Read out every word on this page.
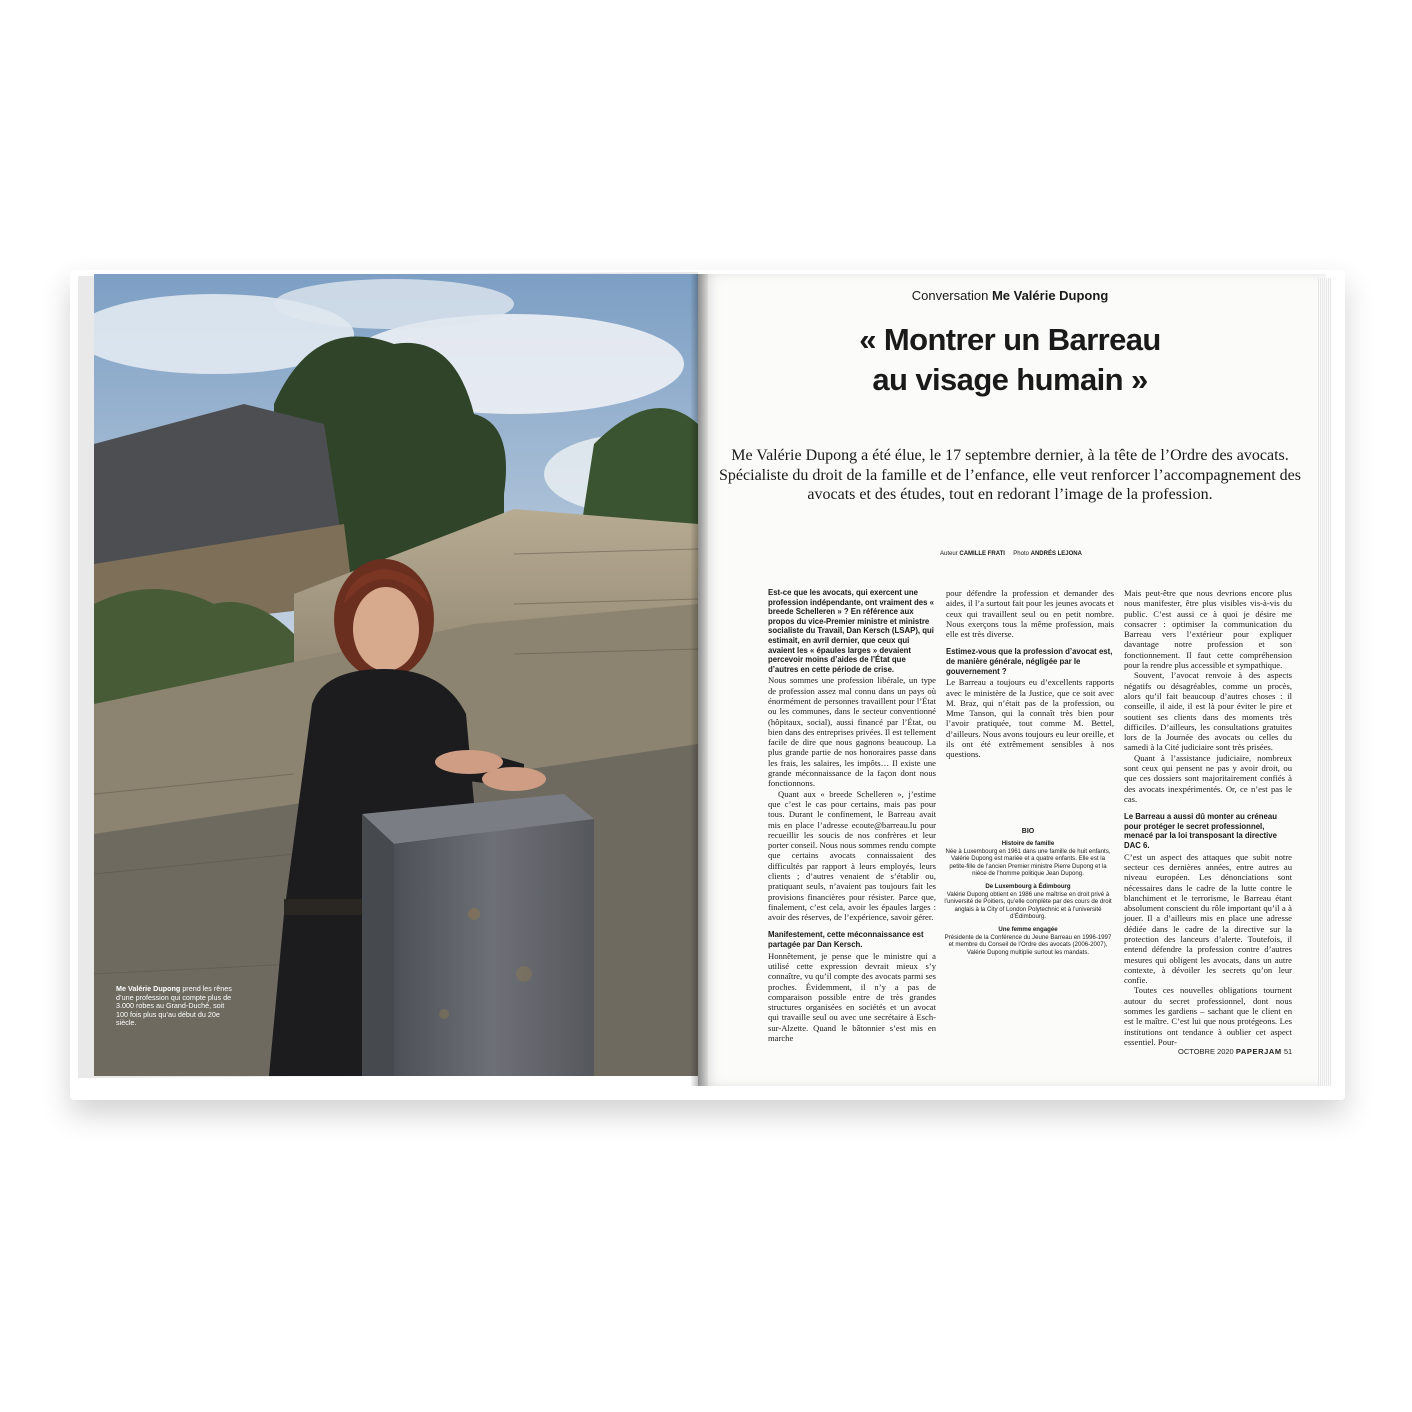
Me Valérie Dupong prend les rênes d’une profession qui compte plus de 3.000 robes au Grand-Duché, soit 100 fois plus qu’au début du 20e siècle.
Conversation Me Valérie Dupong
« Montrer un Barreau
au visage humain »
Me Valérie Dupong a été élue, le 17 septembre dernier, à la tête de l’Ordre des avocats. Spécialiste du droit de la famille et de l’enfance, elle veut renforcer l’accompagnement des avocats et des études, tout en redorant l’image de la profession.
Auteur CAMILLE FRATI Photo ANDRÉS LEJONA
Est-ce que les avocats, qui exercent une profession indépendante, ont vraiment des « breede Schelleren » ? En référence aux propos du vice-Premier ministre et ministre socialiste du Travail, Dan Kersch (LSAP), qui estimait, en avril dernier, que ceux qui avaient les « épaules larges » devaient percevoir moins d’aides de l’État que d’autres en cette période de crise.

Nous sommes une profession libérale, un type de profession assez mal connu dans un pays où énormément de personnes travaillent pour l’État ou les communes, dans le secteur conventionné (hôpitaux, social), aussi financé par l’État, ou bien dans des entreprises privées. Il est tellement facile de dire que nous gagnons beaucoup. La plus grande partie de nos honoraires passe dans les frais, les salaires, les impôts… Il existe une grande méconnaissance de la façon dont nous fonctionnons.

Quant aux « breede Schelleren », j’estime que c’est le cas pour certains, mais pas pour tous. Durant le confinement, le Barreau avait mis en place l’adresse ecoute@barreau.lu pour recueillir les soucis de nos confrères et leur porter conseil. Nous nous sommes rendu compte que certains avocats connaissaient des difficultés par rapport à leurs employés, leurs clients ; d’autres venaient de s’établir ou, pratiquant seuls, n’avaient pas toujours fait les provisions financières pour résister. Parce que, finalement, c’est cela, avoir les épaules larges : avoir des réserves, de l’expérience, savoir gérer.

Manifestement, cette méconnaissance est partagée par Dan Kersch.

Honnêtement, je pense que le ministre qui a utilisé cette expression devrait mieux s’y connaître, vu qu’il compte des avocats parmi ses proches. Évidemment, il n’y a pas de comparaison possible entre de très grandes structures organisées en sociétés et un avocat qui travaille seul ou avec une secrétaire à Esch-sur-Alzette. Quand le bâtonnier s’est mis en marche

pour défendre la profession et demander des aides, il l’a surtout fait pour les jeunes avocats et ceux qui travaillent seul ou en petit nombre. Nous exerçons tous la même profession, mais elle est très diverse.

Estimez-vous que la profession d’avocat est, de manière générale, négligée par le gouvernement ?

Le Barreau a toujours eu d’excellents rapports avec le ministère de la Justice, que ce soit avec M. Braz, qui n’était pas de la profession, ou Mme Tanson, qui la connaît très bien pour l’avoir pratiquée, tout comme M. Bettel, d’ailleurs. Nous avons toujours eu leur oreille, et ils ont été extrêmement sensibles à nos questions.

BIO
Histoire de famille
Née à Luxembourg en 1961 dans une famille de huit enfants, Valérie Dupong est mariée et a quatre enfants. Elle est la petite-fille de l’ancien Premier ministre Pierre Dupong et la nièce de l’homme politique Jean Dupong.
De Luxembourg à Édimbourg
Valérie Dupong obtient en 1986 une maîtrise en droit privé à l’université de Poitiers, qu’elle complète par des cours de droit anglais à la City of London Polytechnic et à l’université d’Édimbourg.
Une femme engagée
Présidente de la Conférence du Jeune Barreau en 1996-1997 et membre du Conseil de l’Ordre des avocats (2006-2007), Valérie Dupong multiplie surtout les mandats.

Mais peut-être que nous devrions encore plus nous manifester, être plus visibles vis-à-vis du public. C’est aussi ce à quoi je désire me consacrer : optimiser la communication du Barreau vers l’extérieur pour expliquer davantage notre profession et son fonctionnement. Il faut cette compréhension pour la rendre plus accessible et sympathique.

Souvent, l’avocat renvoie à des aspects négatifs ou désagréables, comme un procès, alors qu’il fait beaucoup d’autres choses : il conseille, il aide, il est là pour éviter le pire et soutient ses clients dans des moments très difficiles. D’ailleurs, les consultations gratuites lors de la Journée des avocats ou celles du samedi à la Cité judiciaire sont très prisées.

Quant à l’assistance judiciaire, nombreux sont ceux qui pensent ne pas y avoir droit, ou que ces dossiers sont majoritairement confiés à des avocats inexpérimentés. Or, ce n’est pas le cas.

Le Barreau a aussi dû monter au créneau pour protéger le secret professionnel, menacé par la loi transposant la directive DAC 6.

C’est un aspect des attaques que subit notre secteur ces dernières années, entre autres au niveau européen. Les dénonciations sont nécessaires dans le cadre de la lutte contre le blanchiment et le terrorisme, le Barreau étant absolument conscient du rôle important qu’il a à jouer. Il a d’ailleurs mis en place une adresse dédiée dans le cadre de la directive sur la protection des lanceurs d’alerte. Toutefois, il entend défendre la profession contre d’autres mesures qui obligent les avocats, dans un autre contexte, à dévoiler les secrets qu’on leur confie.

Toutes ces nouvelles obligations tournent autour du secret professionnel, dont nous sommes les gardiens – sachant que le client en est le maître. C’est lui que nous protégeons. Les institutions ont tendance à oublier cet aspect essentiel. Pour-

OCTOBRE 2020 PAPERJAM 51
